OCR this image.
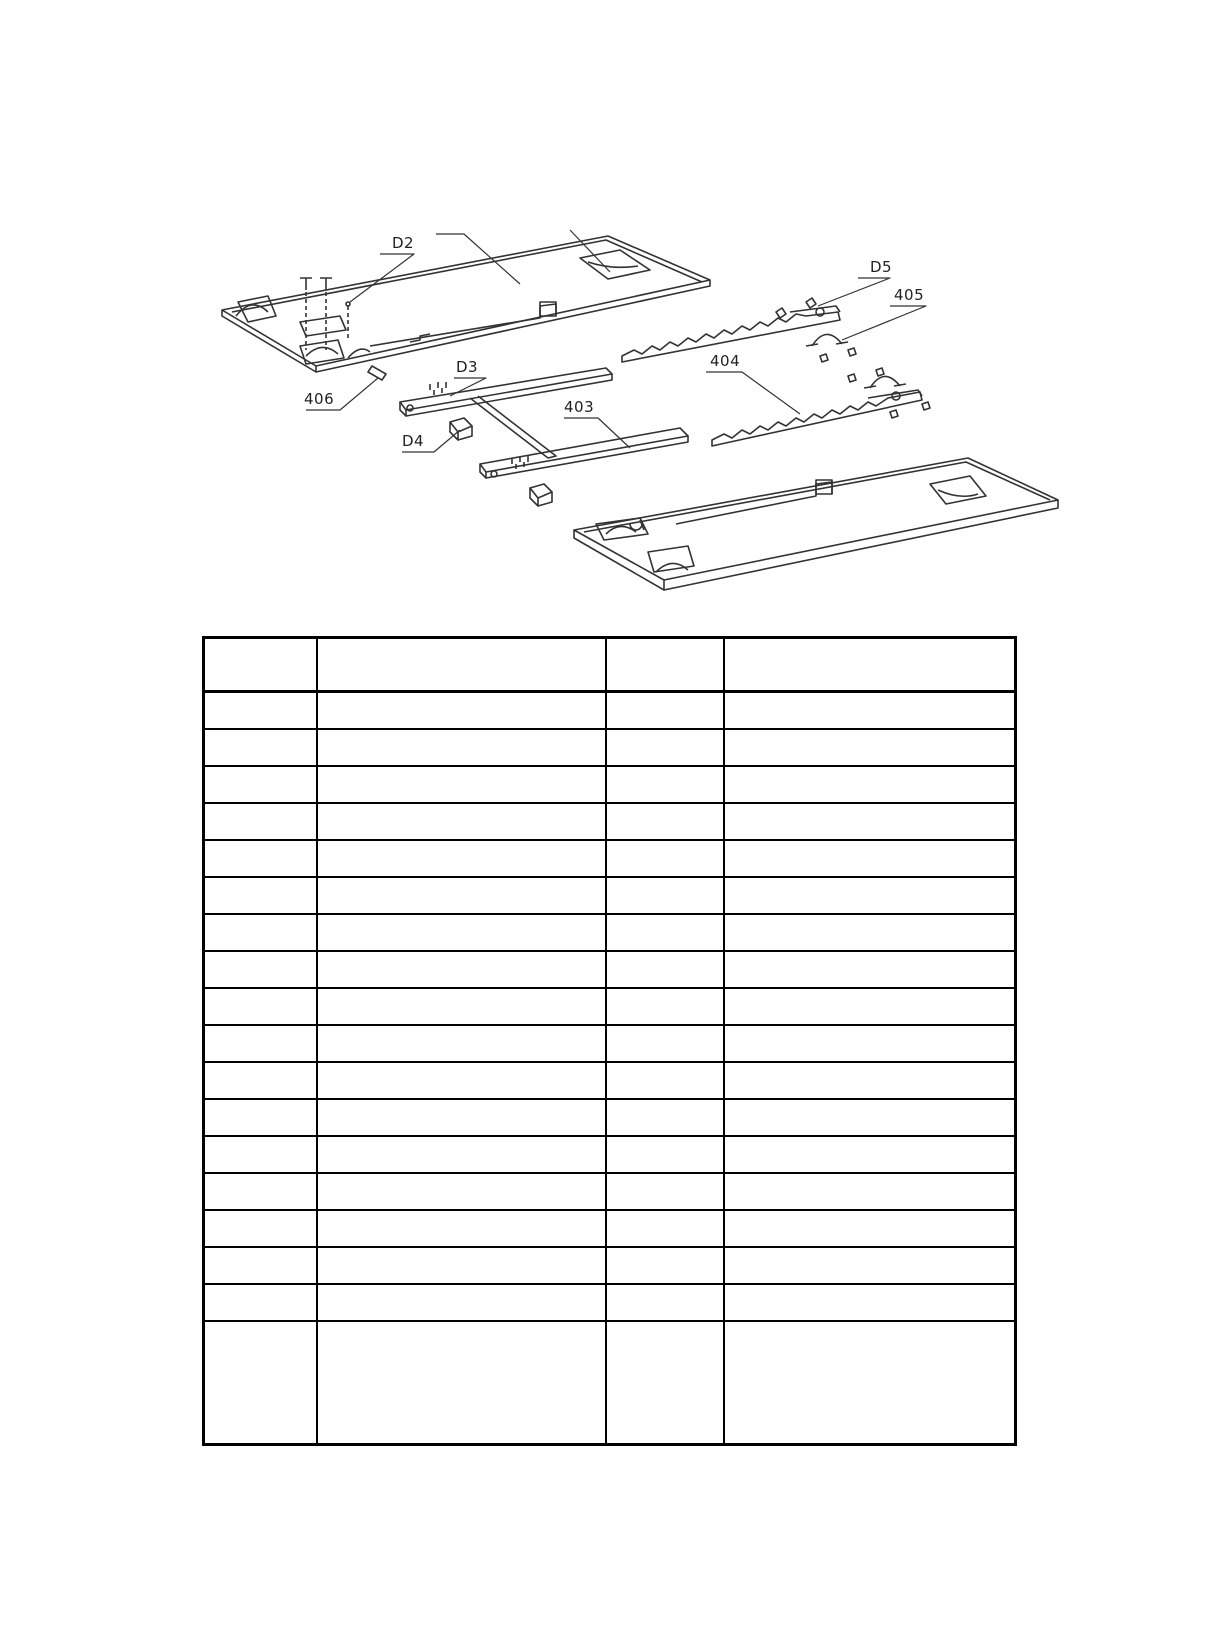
D2
D5
405
404
D3
403
406
D4
